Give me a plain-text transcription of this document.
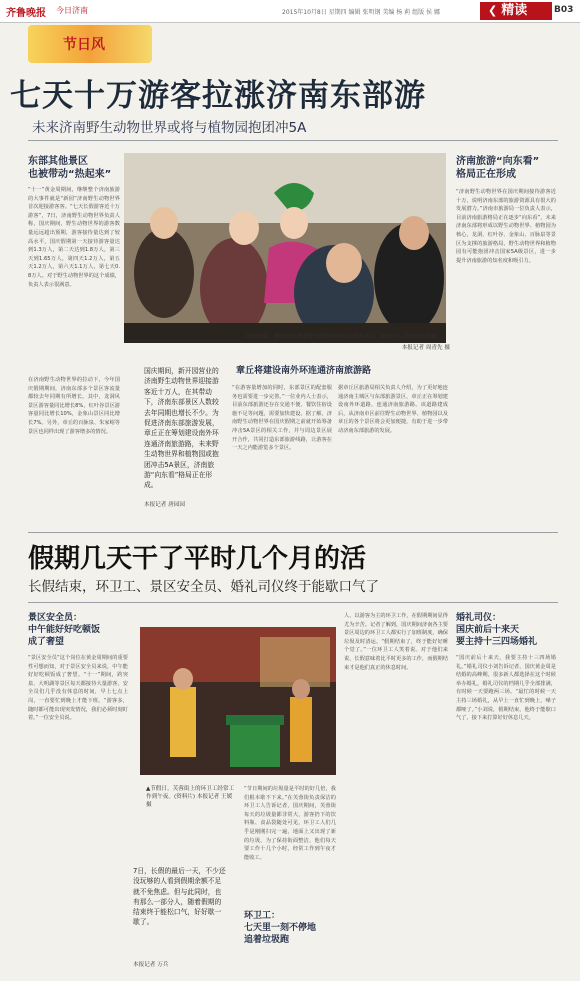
齐鲁晚报 今日济南	2015年10月8日 星期四 编辑 张明钢 美编 杨 莉 组版 侯 娜	❮ 精读	B03
节日风
七天十万游客拉涨济南东部游
未来济南野生动物世界或将与植物园抱团冲5A
东部其他景区
也被带动“热起来”
“十一”黄金周期间，继继整个济南旅游的大事件就是“新园”济南野生动物世界首次迎接游客客。“七天长假游客近十万游客”，7日，济南野生动物世界负责人称，国庆期间，野生动物世界的游客数量远远超出预期，游客接待量达到了较高水平，国庆假期第一天接待游客量达到1.3万人，第二天达到1.8万人，第三天到1.65万人，第四天1.2万人，第五天1.2万人，第六天1.1万人，第七天0.8万人。对于野生动物世界的这个成绩，负责人表示很满意。
在济南野生动物世界的拉动下，今年国庆假期期间，济南东部多个景区客流量都较去年同期有所增长。其中，龙洞风景区游客量同比增长8%，红叶谷景区游客量同比增长10%，金象山景区同比增长7%。另外，章丘的百脉泉、朱家峪等景区也同样出现了游客增多的情况。
国庆长假，刚开放的济南野生动物世界天天游客盈门，图为与鸟表演间的游戏。
本报记者 周青先 摄
国庆期间，新开园营业的济南野生动物世界迎接游客近十万人，在其带动下，济南东部景区人数较去年同期也增长不少。为促进济南东部旅游发展，章丘正在筹划建设南外环连通济南旅游路，未来野生动物世界和植物园或抱团冲击5A景区，济南旅游“向东看”格局正在形成。
本报记者 唐园园
章丘将建设南外环连通济南旅游路
“在游客量增加的同时，东部景区的配套服务也需要进一步完善。”一位业内人士表示，目前东部旅游还存在交通不便、餐饮住宿设施不足等问题，需要加快建设。据了解，济南野生动物世界在国庆假期之前就开始筹备冲击5A景区的相关工作，并与周边景区展开合作，共同打造东部旅游线路，让游客在一天之内能游览多个景区。
据章丘区旅游局相关负责人介绍，为了更好地连通济南主城区与东部旅游景区，章丘正在筹划建设南外环道路，连通济南旅游路。该道路建成后，从济南市区前往野生动物世界、植物园以及章丘的各个景区将会更加便捷，有助于进一步带动济南东部旅游的发展。
济南旅游“向东看”
格局正在形成
“济南野生动物世界在国庆期间接待游客近十万，说明济南东部的旅游资源具有很大的发展潜力。”济南市旅游局一位负责人表示，目前济南旅游格局正在逐步“向东看”，未来济南东部将形成以野生动物世界、植物园为核心，龙洞、红叶谷、金象山、百脉泉等景区为支撑的旅游格局，野生动物世界和植物园有可能抱团冲击国家5A级景区，进一步提升济南旅游的知名度和吸引力。
假期几天干了平时几个月的活
长假结束，环卫工、景区安全员、婚礼司仪终于能歇口气了
景区安全员：
中午能好好吃顿饭
成了奢望
“景区安全员”这个岗位在黄金周期间的重要性可想而知，对于景区安全员来说，中午能好好吃顿饭成了奢望。“十一”期间，趵突泉、大明湖等景区每天都接待大量游客，安全员们几乎没有休息的时间，早上七点上岗，一直要忙到晚上才能下班。“游客多，随时都可能出现突发情况，我们必须时刻盯着。”一位安全员说。
▲节假日，芙蓉街上的环卫工经常工作到午夜。(资料片) 本报记者 王媛 摄
7日，长假的最后一天，不少还没玩够的人看到假期余额不足就不免焦虑。但与此同时，也有那么一部分人，随着假期的结束终于能松口气，好好歇一歇了。
本报记者 万兵
“节日期间的垃圾量是平时的好几倍，我们根本歇不下来。”在芙蓉街负责保洁的环卫工人告诉记者，国庆期间，芙蓉街每天的垃圾量都非常大，游客扔下的饮料瓶、食品袋随处可见，环卫工人们几乎是刚刚扫完一遍，地面上又出现了新的垃圾。为了保持街面整洁，他们每天要工作十几个小时，经常工作到午夜才能收工。
环卫工：
七天里一刻不停地
追着垃圾跑
人、以游客为主的环卫工作，在假期期间显得尤为辛苦。记者了解到，国庆期间济南各主要景区周边的环卫工人都实行了加班制度，确保垃圾及时清运。“假期结束了，终于能好好睡个觉了。”一位环卫工人笑着说。对于他们来说，长假意味着比平时更多的工作，而假期结束才是他们真正的休息时间。
婚礼司仪：
国庆前后十来天
要主持十三四场婚礼
“国庆前后十来天，我要主持十三四场婚礼。”婚礼司仪小刘告诉记者，国庆黄金周是结婚的高峰期，很多新人都选择在这个时候举办婚礼，婚礼司仪的档期几乎全部排满，有时候一天要跑两三场。“最忙的时候一天主持三场婚礼，从早上一直忙到晚上，嗓子都哑了。”小刘说，假期结束，他终于能歇口气了，接下来打算好好休息几天。
